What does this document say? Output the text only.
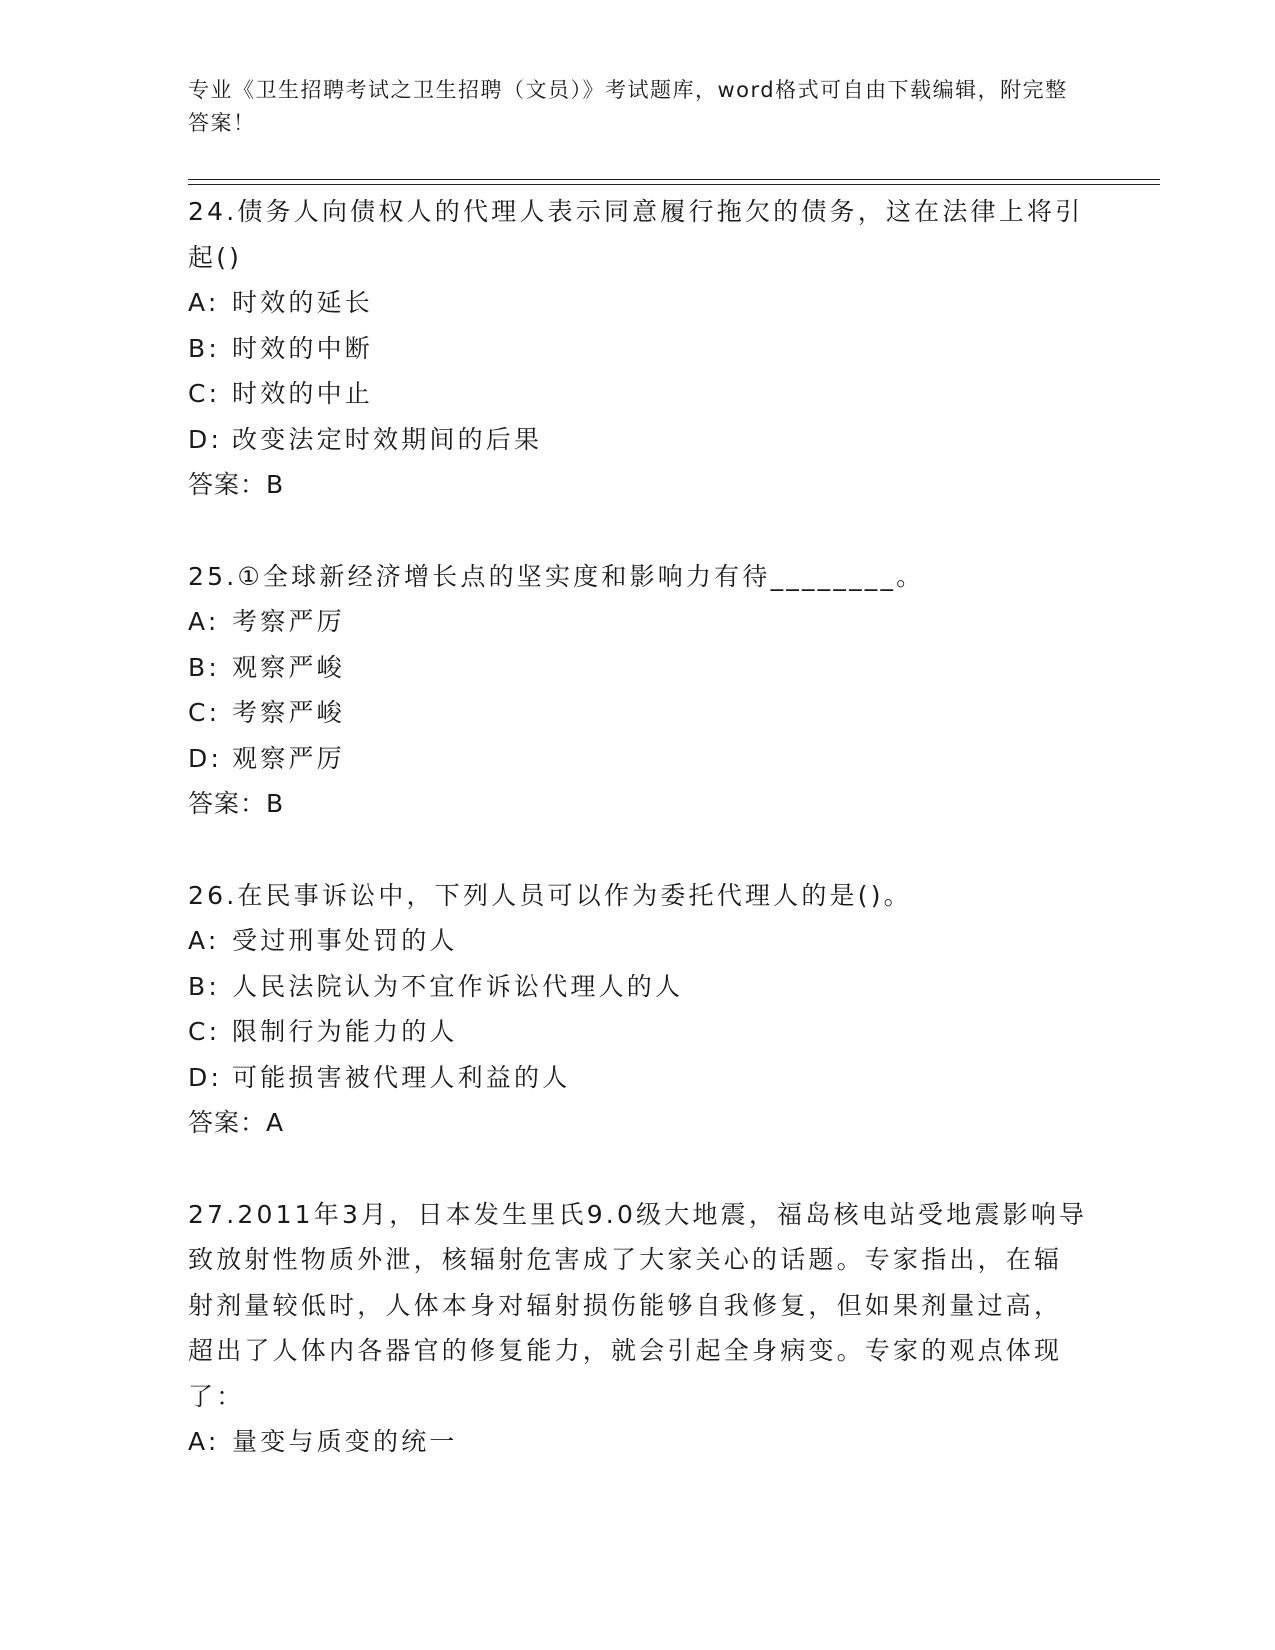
专业《卫生招聘考试之卫生招聘（文员）》考试题库，word格式可自由下载编辑，附完整答案！

24.债务人向债权人的代理人表示同意履行拖欠的债务，这在法律上将引起()

A: 时效的延长

B: 时效的中断

C: 时效的中止

D: 改变法定时效期间的后果

答案：B

25.①全球新经济增长点的坚实度和影响力有待________。

A: 考察严厉

B: 观察严峻

C: 考察严峻

D: 观察严厉

答案：B

26.在民事诉讼中，下列人员可以作为委托代理人的是()。

A: 受过刑事处罚的人

B: 人民法院认为不宜作诉讼代理人的人

C: 限制行为能力的人

D: 可能损害被代理人利益的人

答案：A

27.2011年3月，日本发生里氏9.0级大地震，福岛核电站受地震影响导致放射性物质外泄，核辐射危害成了大家关心的话题。专家指出，在辐射剂量较低时，人体本身对辐射损伤能够自我修复，但如果剂量过高，超出了人体内各器官的修复能力，就会引起全身病变。专家的观点体现了：

A: 量变与质变的统一
